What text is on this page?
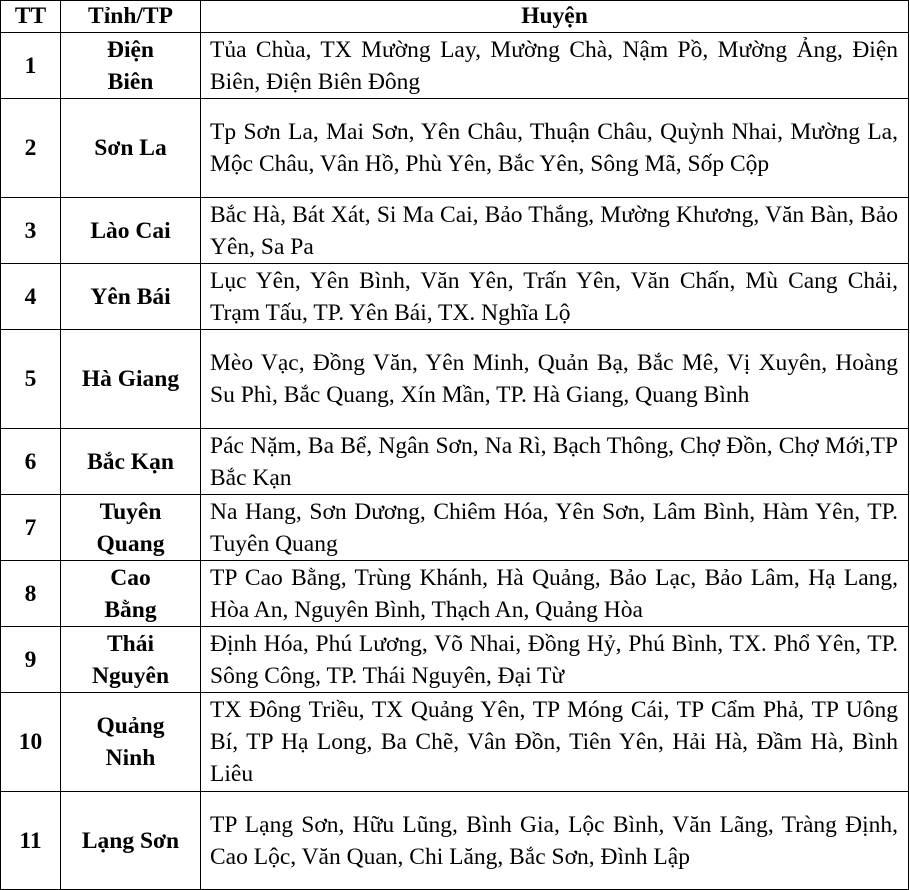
TT	Tỉnh/TP	Huyện
1	Điện Biên	Tủa Chùa, TX Mường Lay, Mường Chà, Nậm Pồ, Mường Ảng, Điện Biên, Điện Biên Đông
2	Sơn La	Tp Sơn La, Mai Sơn, Yên Châu, Thuận Châu, Quỳnh Nhai, Mường La, Mộc Châu, Vân Hồ, Phù Yên, Bắc Yên, Sông Mã, Sốp Cộp
3	Lào Cai	Bắc Hà, Bát Xát, Si Ma Cai, Bảo Thắng, Mường Khương, Văn Bàn, Bảo Yên, Sa Pa
4	Yên Bái	Lục Yên, Yên Bình, Văn Yên, Trấn Yên, Văn Chấn, Mù Cang Chải, Trạm Tấu, TP. Yên Bái, TX. Nghĩa Lộ
5	Hà Giang	Mèo Vạc, Đồng Văn, Yên Minh, Quản Bạ, Bắc Mê, Vị Xuyên, Hoàng Su Phì, Bắc Quang, Xín Mần, TP. Hà Giang, Quang Bình
6	Bắc Kạn	Pác Nặm, Ba Bể, Ngân Sơn, Na Rì, Bạch Thông, Chợ Đồn, Chợ Mới,TP Bắc Kạn
7	Tuyên Quang	Na Hang, Sơn Dương, Chiêm Hóa, Yên Sơn, Lâm Bình, Hàm Yên, TP. Tuyên Quang
8	Cao Bằng	TP Cao Bằng, Trùng Khánh, Hà Quảng, Bảo Lạc, Bảo Lâm, Hạ Lang, Hòa An, Nguyên Bình, Thạch An, Quảng Hòa
9	Thái Nguyên	Định Hóa, Phú Lương, Võ Nhai, Đồng Hỷ, Phú Bình, TX. Phổ Yên, TP. Sông Công, TP. Thái Nguyên, Đại Từ
10	Quảng Ninh	TX Đông Triều, TX Quảng Yên, TP Móng Cái, TP Cẩm Phả, TP Uông Bí, TP Hạ Long, Ba Chẽ, Vân Đồn, Tiên Yên, Hải Hà, Đầm Hà, Bình Liêu
11	Lạng Sơn	TP Lạng Sơn, Hữu Lũng, Bình Gia, Lộc Bình, Văn Lãng, Tràng Định, Cao Lộc, Văn Quan, Chi Lăng, Bắc Sơn, Đình Lập
